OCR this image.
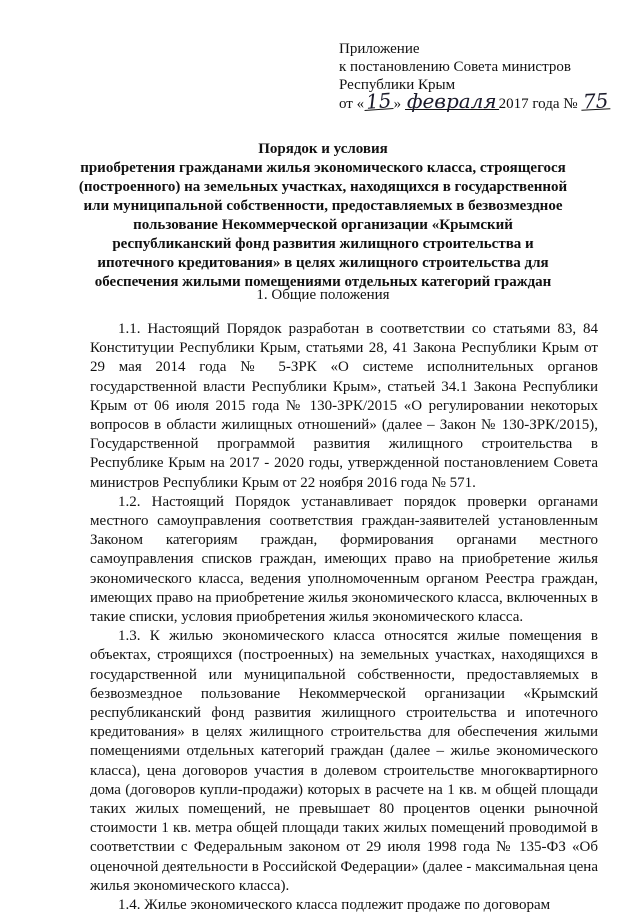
Приложение
к постановлению Совета министров
Республики Крым
от «15» февраля 2017 года № 75
Порядок и условия
приобретения гражданами жилья экономического класса, строящегося
(построенного) на земельных участках, находящихся в государственной
или муниципальной собственности, предоставляемых в безвозмездное
пользование Некоммерческой организации «Крымский
республиканский фонд развития жилищного строительства и
ипотечного кредитования» в целях жилищного строительства для
обеспечения жилыми помещениями отдельных категорий граждан
1. Общие положения

1.1. Настоящий Порядок разработан в соответствии со статьями 83, 84 Конституции Республики Крым, статьями 28, 41 Закона Республики Крым от 29 мая 2014 года № 5-ЗРК «О системе исполнительных органов государственной власти Республики Крым», статьей 34.1 Закона Республики Крым от 06 июля 2015 года № 130-ЗРК/2015 «О регулировании некоторых вопросов в области жилищных отношений» (далее – Закон № 130-ЗРК/2015), Государственной программой развития жилищного строительства в Республике Крым на 2017 - 2020 годы, утвержденной постановлением Совета министров Республики Крым от 22 ноября 2016 года № 571.

1.2. Настоящий Порядок устанавливает порядок проверки органами местного самоуправления соответствия граждан-заявителей установленным Законом категориям граждан, формирования органами местного самоуправления списков граждан, имеющих право на приобретение жилья экономического класса, ведения уполномоченным органом Реестра граждан, имеющих право на приобретение жилья экономического класса, включенных в такие списки, условия приобретения жилья экономического класса.

1.3. К жилью экономического класса относятся жилые помещения в объектах, строящихся (построенных) на земельных участках, находящихся в государственной или муниципальной собственности, предоставляемых в безвозмездное пользование Некоммерческой организации «Крымский республиканский фонд развития жилищного строительства и ипотечного кредитования» в целях жилищного строительства для обеспечения жилыми помещениями отдельных категорий граждан (далее – жилье экономического класса), цена договоров участия в долевом строительстве многоквартирного дома (договоров купли-продажи) которых в расчете на 1 кв. м общей площади таких жилых помещений, не превышает 80 процентов оценки рыночной стоимости 1 кв. метра общей площади таких жилых помещений проводимой в соответствии с Федеральным законом от 29 июля 1998 года № 135-ФЗ «Об оценочной деятельности в Российской Федерации» (далее - максимальная цена жилья экономического класса).

1.4. Жилье экономического класса подлежит продаже по договорам
